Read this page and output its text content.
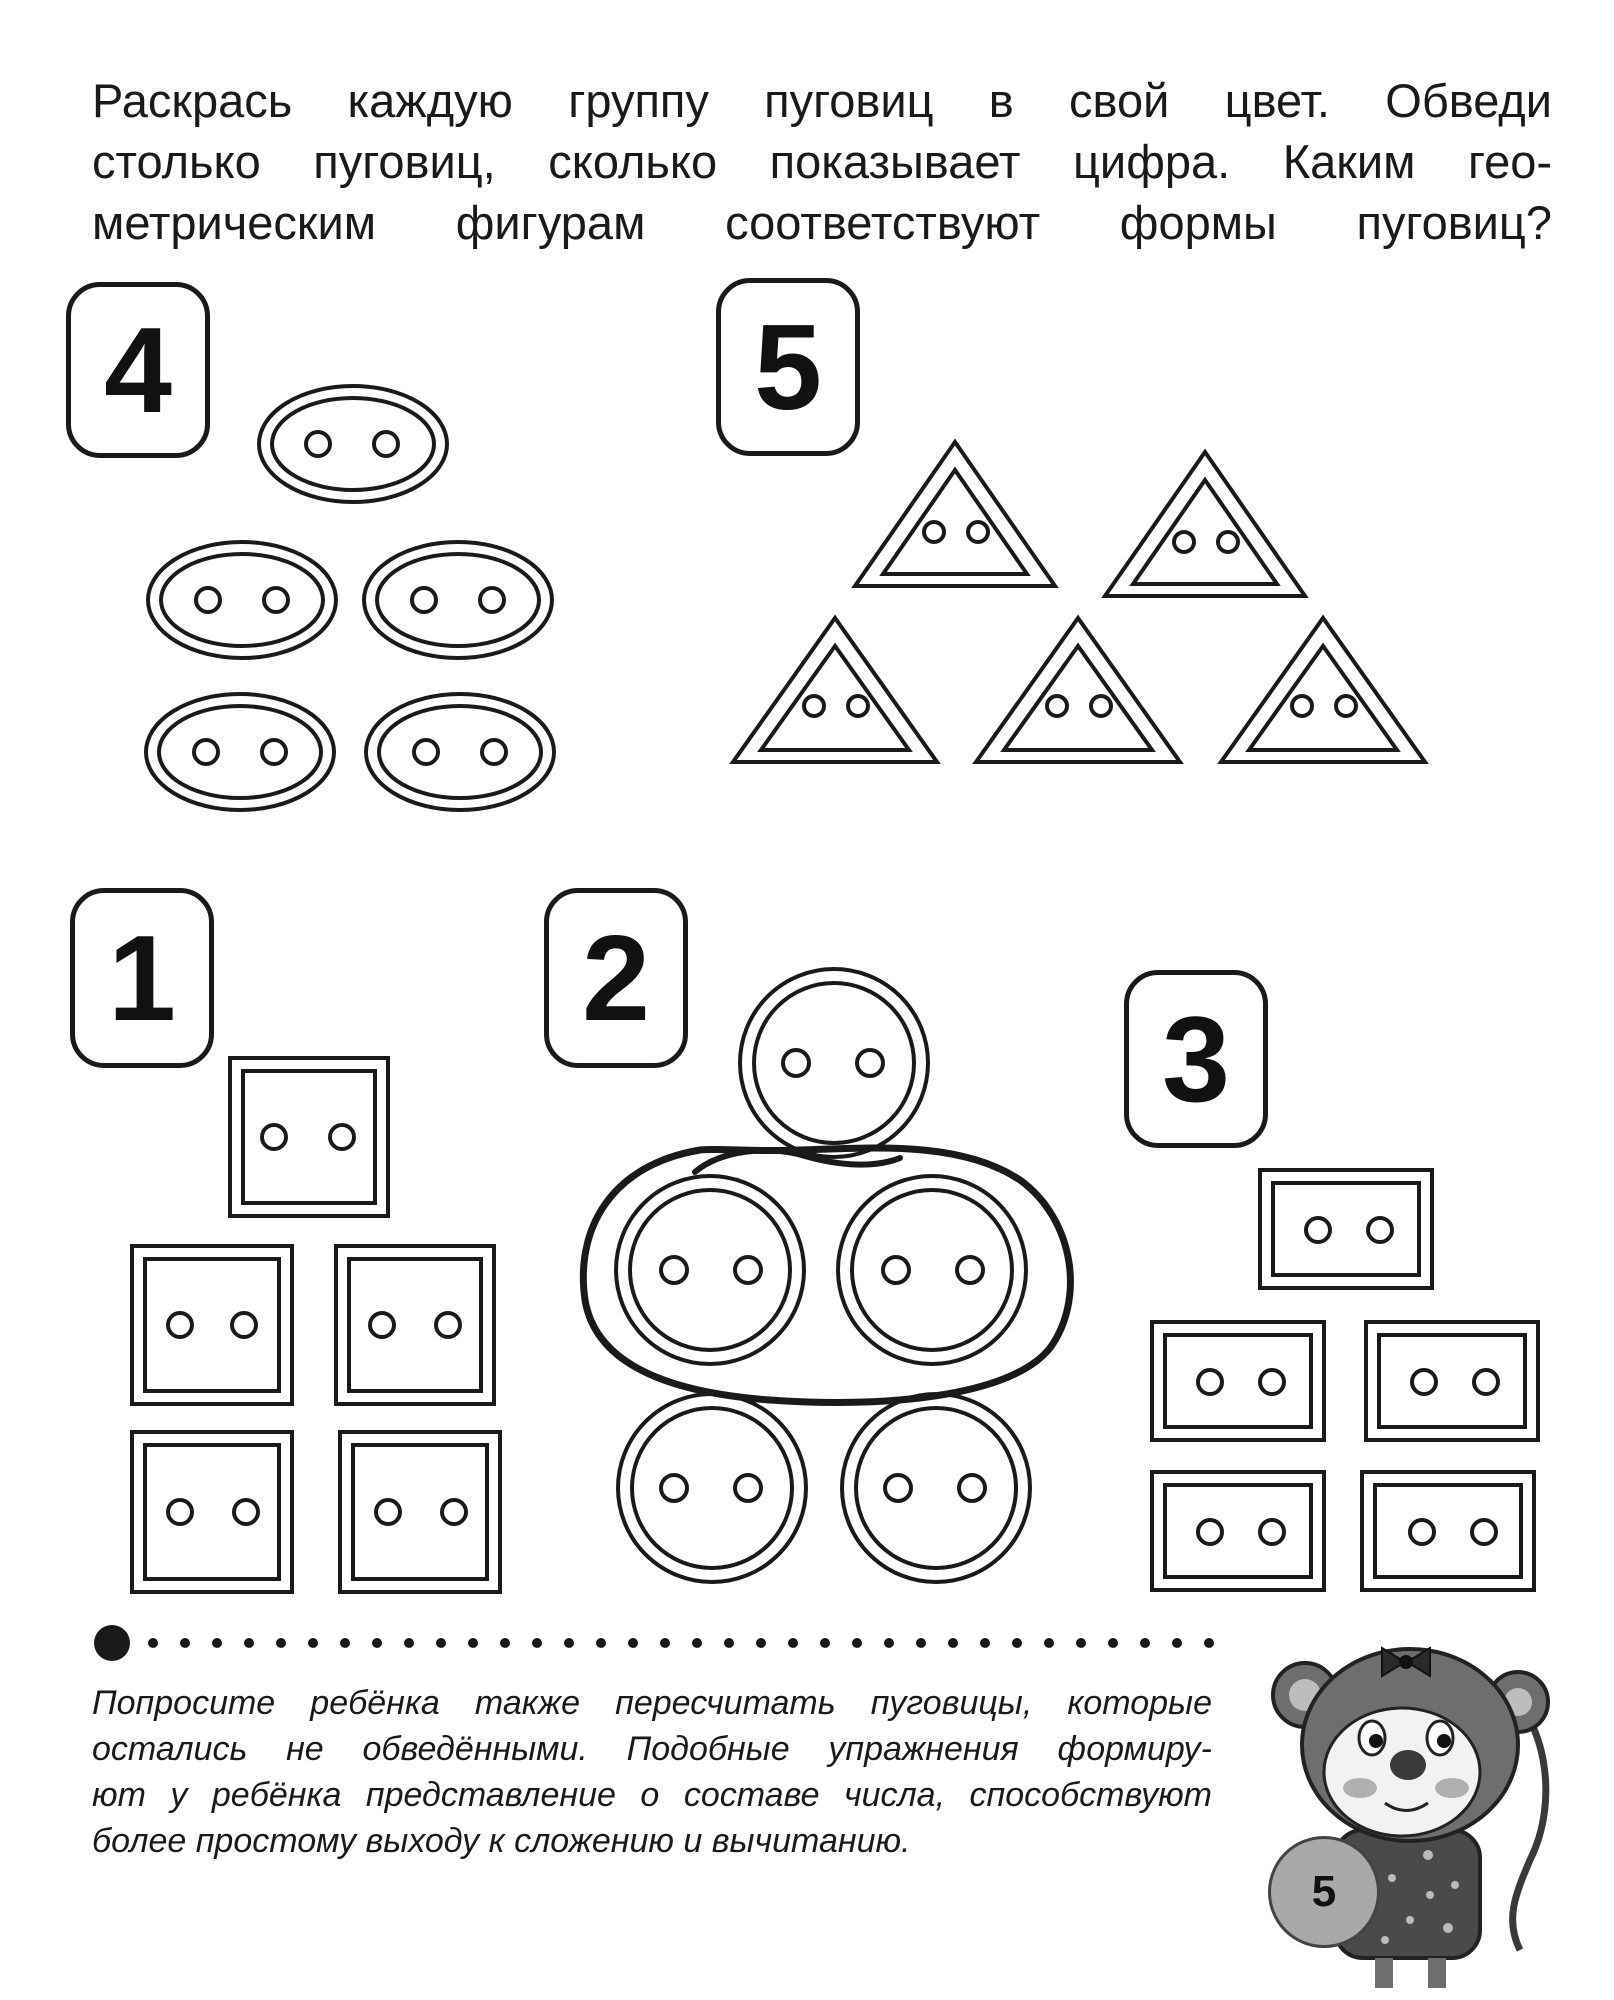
Раскрась каждую группу пуговиц в свой цвет. Обведи
столько пуговиц, сколько показывает цифра. Каким гео-
метрическим фигурам соответствуют формы пуговиц?

4	5
1	2
3

Попросите ребёнка также пересчитать пуговицы, которые
остались не обведёнными. Подобные упражнения формиру-
ют у ребёнка представление о составе числа, способствуют
более простому выходу к сложению и вычитанию.

5
